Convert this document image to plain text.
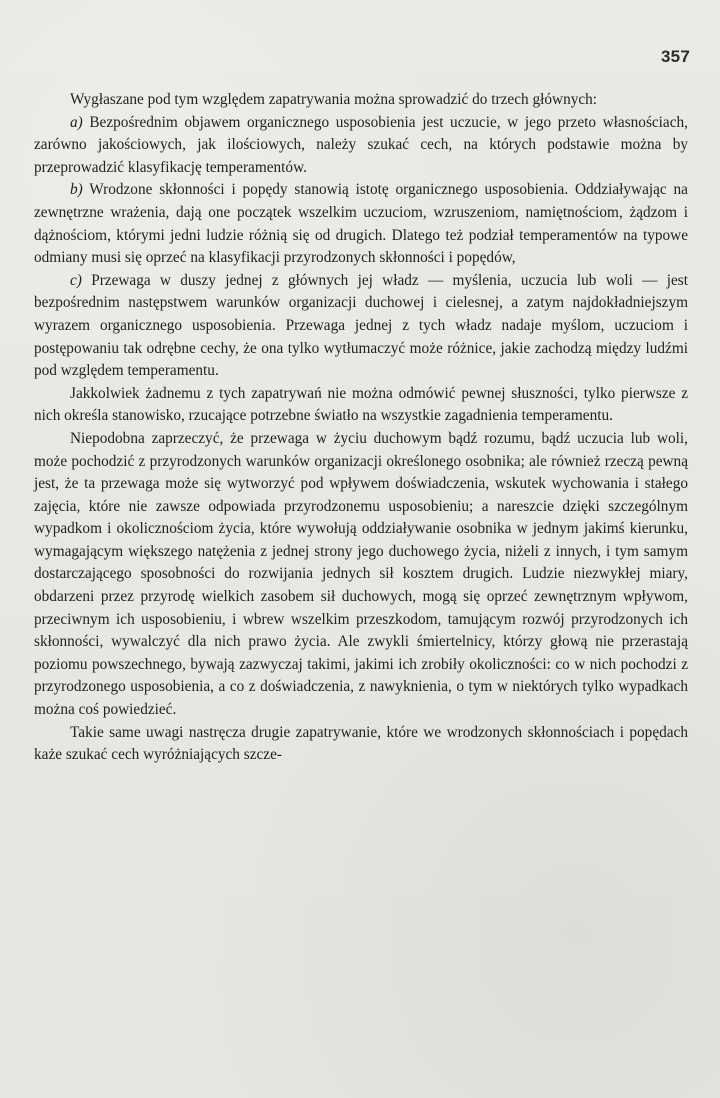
357

Wygłaszane pod tym względem zapatrywania można sprowadzić do trzech głównych:

a) Bezpośrednim objawem organicznego usposobienia jest uczucie, w jego przeto własnościach, zarówno jakościowych, jak ilościowych, należy szukać cech, na których podstawie można by przeprowadzić klasyfikację temperamentów.

b) Wrodzone skłonności i popędy stanowią istotę organicznego usposobienia. Oddziaływając na zewnętrzne wrażenia, dają one początek wszelkim uczuciom, wzruszeniom, namiętnościom, żądzom i dążnościom, którymi jedni ludzie różnią się od drugich. Dlatego też podział temperamentów na typowe odmiany musi się oprzeć na klasyfikacji przyrodzonych skłonności i popędów,

c) Przewaga w duszy jednej z głównych jej władz — myślenia, uczucia lub woli — jest bezpośrednim następstwem warunków organizacji duchowej i cielesnej, a zatym najdokładniejszym wyrazem organicznego usposobienia. Przewaga jednej z tych władz nadaje myślom, uczuciom i postępowaniu tak odrębne cechy, że ona tylko wytłumaczyć może różnice, jakie zachodzą między ludźmi pod względem temperamentu.

Jakkolwiek żadnemu z tych zapatrywań nie można odmówić pewnej słuszności, tylko pierwsze z nich określa stanowisko, rzucające potrzebne światło na wszystkie zagadnienia temperamentu.

Niepodobna zaprzeczyć, że przewaga w życiu duchowym bądź rozumu, bądź uczucia lub woli, może pochodzić z przyrodzonych warunków organizacji określonego osobnika; ale również rzeczą pewną jest, że ta przewaga może się wytworzyć pod wpływem doświadczenia, wskutek wychowania i stałego zajęcia, które nie zawsze odpowiada przyrodzonemu usposobieniu; a nareszcie dzięki szczególnym wypadkom i okolicznościom życia, które wywołują oddziaływanie osobnika w jednym jakimś kierunku, wymagającym większego natężenia z jednej strony jego duchowego życia, niżeli z innych, i tym samym dostarczającego sposobności do rozwijania jednych sił kosztem drugich. Ludzie niezwykłej miary, obdarzeni przez przyrodę wielkich zasobem sił duchowych, mogą się oprzeć zewnętrznym wpływom, przeciwnym ich usposobieniu, i wbrew wszelkim przeszkodom, tamującym rozwój przyrodzonych ich skłonności, wywalczyć dla nich prawo życia. Ale zwykli śmiertelnicy, którzy głową nie przerastają poziomu powszechnego, bywają zazwyczaj takimi, jakimi ich zrobiły okoliczności: co w nich pochodzi z przyrodzonego usposobienia, a co z doświadczenia, z nawyknienia, o tym w niektórych tylko wypadkach można coś powiedzieć.

Takie same uwagi nastręcza drugie zapatrywanie, które we wrodzonych skłonnościach i popędach każe szukać cech wyróżniających szcze-
